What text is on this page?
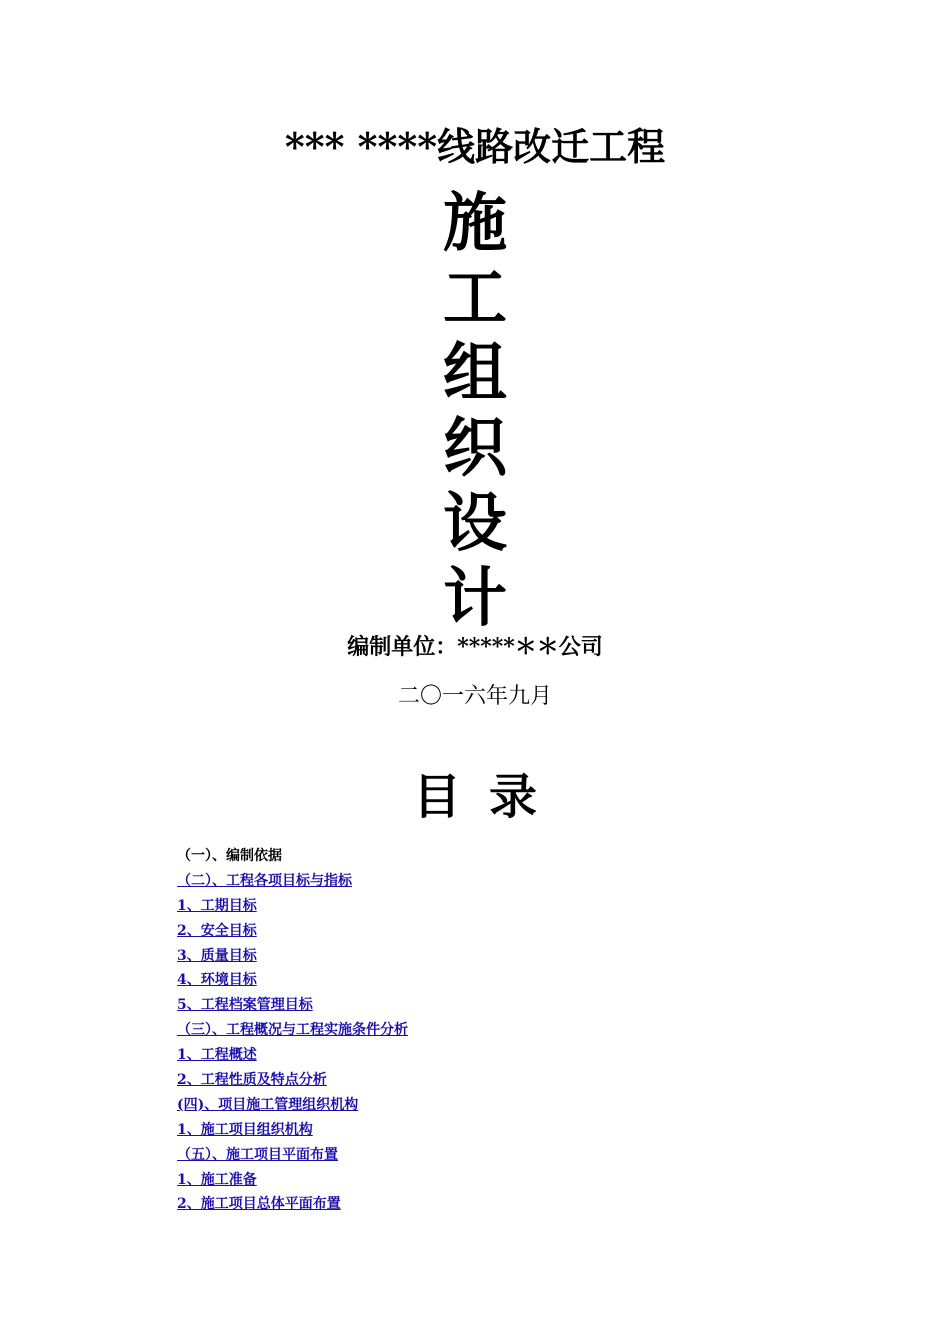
*** ****线路改迁工程
施
工
组
织
设
计
编制单位：*****＊＊公司
二〇一六年九月
目录
（一）、编制依据
（二）、工程各项目标与指标
1、工期目标
2、安全目标
3、质量目标
4、环境目标
5、工程档案管理目标
（三）、工程概况与工程实施条件分析
1、工程概述
2、工程性质及特点分析
(四)、项目施工管理组织机构
1、施工项目组织机构
（五）、施工项目平面布置
1、施工准备
2、施工项目总体平面布置
